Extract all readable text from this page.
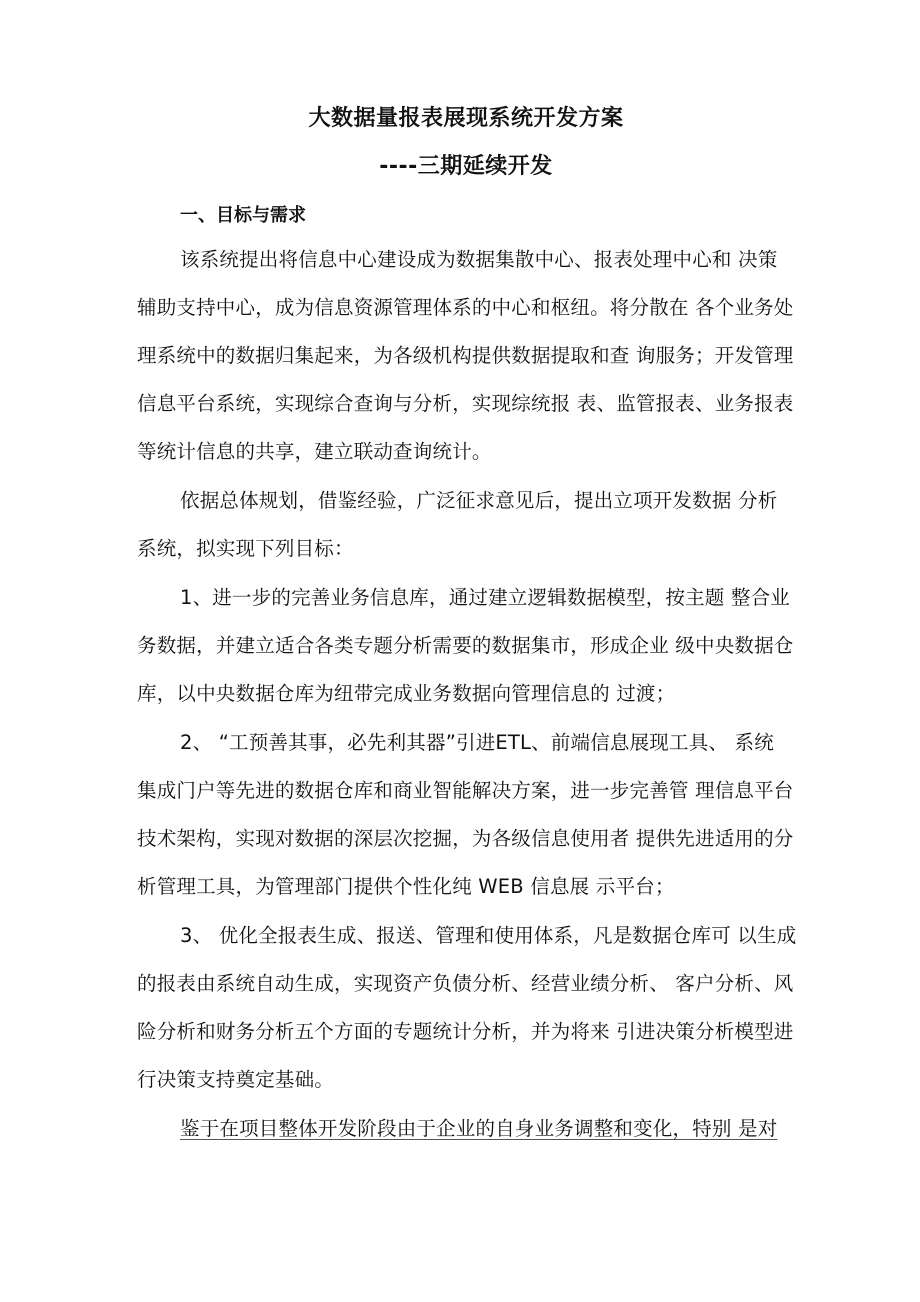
大数据量报表展现系统开发方案
----三期延续开发
一、目标与需求
该系统提出将信息中心建设成为数据集散中心、报表处理中心和 决策
辅助支持中心，成为信息资源管理体系的中心和枢纽。将分散在 各个业务处
理系统中的数据归集起来，为各级机构提供数据提取和查 询服务；开发管理
信息平台系统，实现综合查询与分析，实现综统报 表、监管报表、业务报表
等统计信息的共享，建立联动查询统计。
依据总体规划，借鉴经验，广泛征求意见后，提出立项开发数据 分析
系统，拟实现下列目标：
1、进一步的完善业务信息库，通过建立逻辑数据模型，按主题 整合业
务数据，并建立适合各类专题分析需要的数据集市，形成企业 级中央数据仓
库，以中央数据仓库为纽带完成业务数据向管理信息的 过渡；
2、 “工预善其事，必先利其器”引进ETL、前端信息展现工具、 系统
集成门户等先进的数据仓库和商业智能解决方案，进一步完善管 理信息平台
技术架构，实现对数据的深层次挖掘，为各级信息使用者 提供先进适用的分
析管理工具，为管理部门提供个性化纯 WEB 信息展 示平台；
3、 优化全报表生成、报送、管理和使用体系，凡是数据仓库可 以生成
的报表由系统自动生成，实现资产负债分析、经营业绩分析、 客户分析、风
险分析和财务分析五个方面的专题统计分析，并为将来 引进决策分析模型进
行决策支持奠定基础。
鉴于在项目整体开发阶段由于企业的自身业务调整和变化，特别 是对
